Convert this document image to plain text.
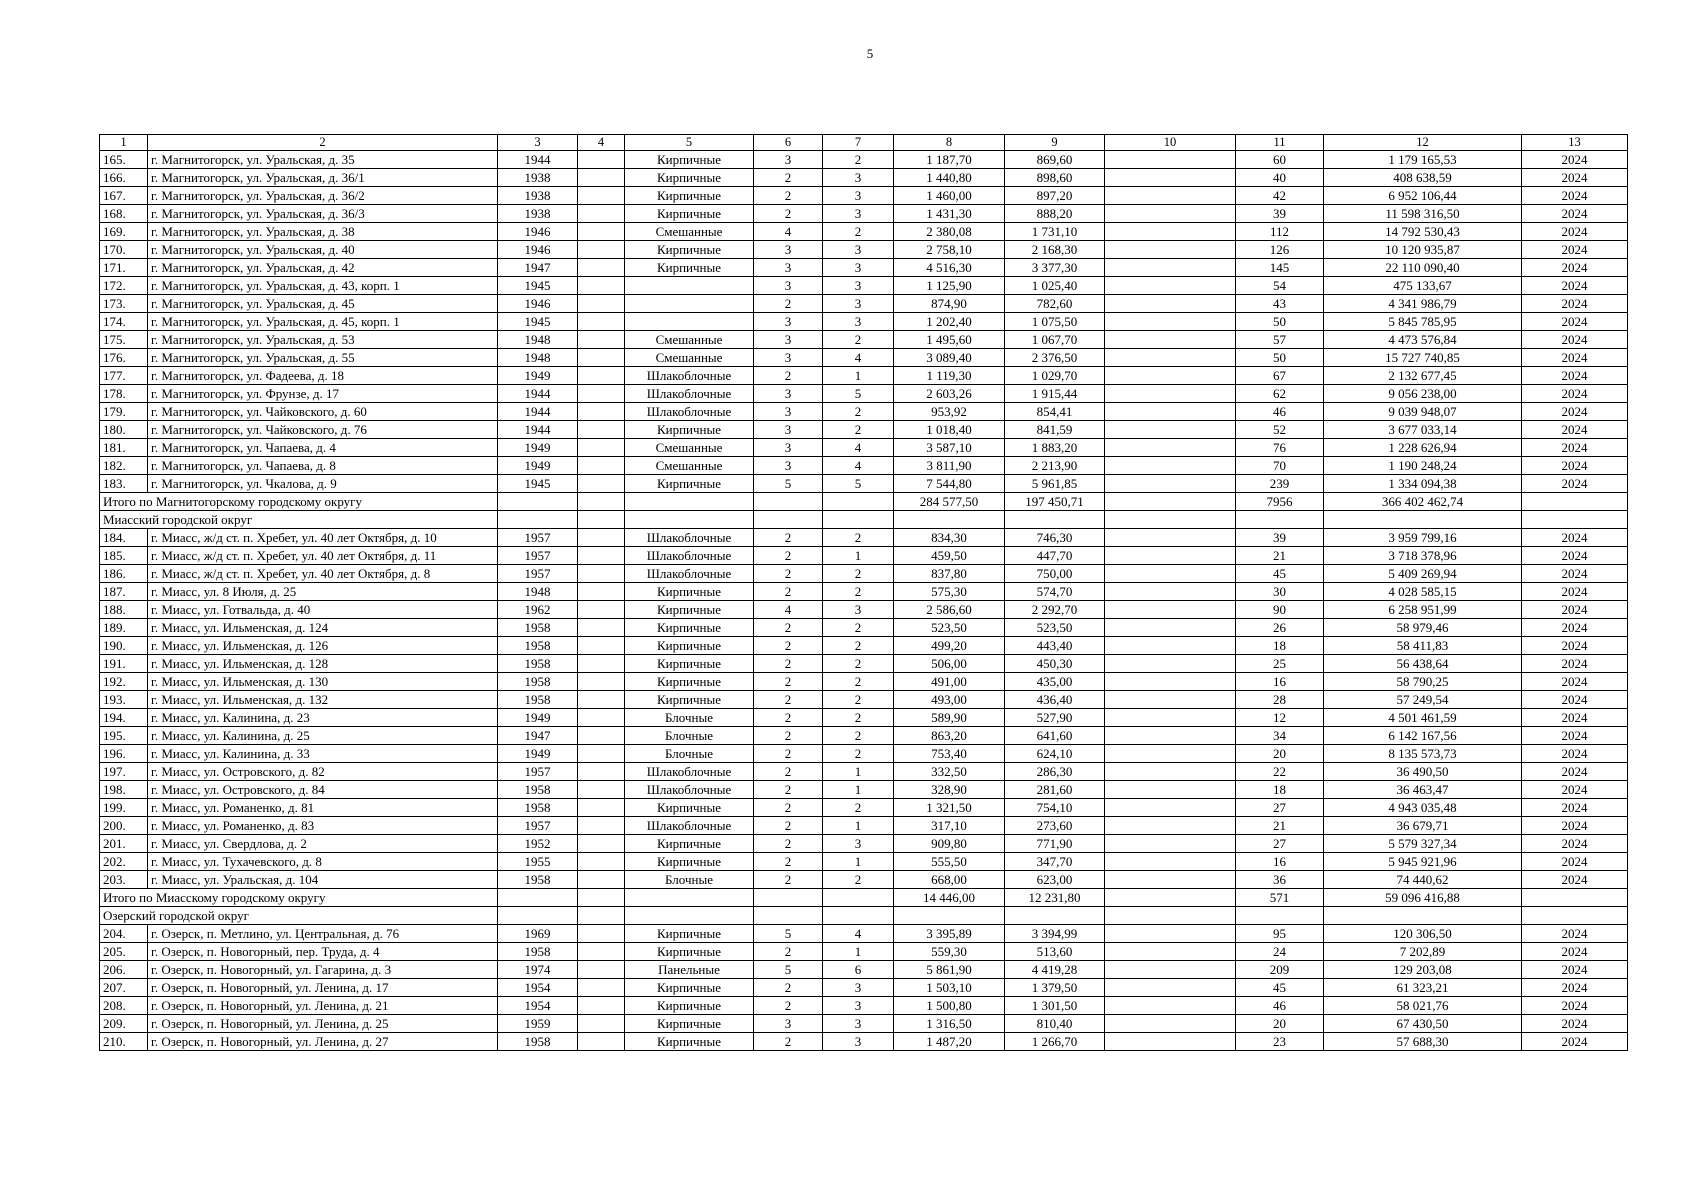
5
1	2	3	4	5	6	7	8	9	10	11	12	13
165.	г. Магнитогорск, ул. Уральская, д. 35	1944		Кирпичные	3	2	1 187,70	869,60		60	1 179 165,53	2024
166.	г. Магнитогорск, ул. Уральская, д. 36/1	1938		Кирпичные	2	3	1 440,80	898,60		40	408 638,59	2024
167.	г. Магнитогорск, ул. Уральская, д. 36/2	1938		Кирпичные	2	3	1 460,00	897,20		42	6 952 106,44	2024
168.	г. Магнитогорск, ул. Уральская, д. 36/3	1938		Кирпичные	2	3	1 431,30	888,20		39	11 598 316,50	2024
169.	г. Магнитогорск, ул. Уральская, д. 38	1946		Смешанные	4	2	2 380,08	1 731,10		112	14 792 530,43	2024
170.	г. Магнитогорск, ул. Уральская, д. 40	1946		Кирпичные	3	3	2 758,10	2 168,30		126	10 120 935,87	2024
171.	г. Магнитогорск, ул. Уральская, д. 42	1947		Кирпичные	3	3	4 516,30	3 377,30		145	22 110 090,40	2024
172.	г. Магнитогорск, ул. Уральская, д. 43, корп. 1	1945			3	3	1 125,90	1 025,40		54	475 133,67	2024
173.	г. Магнитогорск, ул. Уральская, д. 45	1946			2	3	874,90	782,60		43	4 341 986,79	2024
174.	г. Магнитогорск, ул. Уральская, д. 45, корп. 1	1945			3	3	1 202,40	1 075,50		50	5 845 785,95	2024
175.	г. Магнитогорск, ул. Уральская, д. 53	1948		Смешанные	3	2	1 495,60	1 067,70		57	4 473 576,84	2024
176.	г. Магнитогорск, ул. Уральская, д. 55	1948		Смешанные	3	4	3 089,40	2 376,50		50	15 727 740,85	2024
177.	г. Магнитогорск, ул. Фадеева, д. 18	1949		Шлакоблочные	2	1	1 119,30	1 029,70		67	2 132 677,45	2024
178.	г. Магнитогорск, ул. Фрунзе, д. 17	1944		Шлакоблочные	3	5	2 603,26	1 915,44		62	9 056 238,00	2024
179.	г. Магнитогорск, ул. Чайковского, д. 60	1944		Шлакоблочные	3	2	953,92	854,41		46	9 039 948,07	2024
180.	г. Магнитогорск, ул. Чайковского, д. 76	1944		Кирпичные	3	2	1 018,40	841,59		52	3 677 033,14	2024
181.	г. Магнитогорск, ул. Чапаева, д. 4	1949		Смешанные	3	4	3 587,10	1 883,20		76	1 228 626,94	2024
182.	г. Магнитогорск, ул. Чапаева, д. 8	1949		Смешанные	3	4	3 811,90	2 213,90		70	1 190 248,24	2024
183.	г. Магнитогорск, ул. Чкалова, д. 9	1945		Кирпичные	5	5	7 544,80	5 961,85		239	1 334 094,38	2024
Итого по Магнитогорскому городскому округу							284 577,50	197 450,71		7956	366 402 462,74	
Миасский городской округ												
184.	г. Миасс, ж/д ст. п. Хребет, ул. 40 лет Октября, д. 10	1957		Шлакоблочные	2	2	834,30	746,30		39	3 959 799,16	2024
185.	г. Миасс, ж/д ст. п. Хребет, ул. 40 лет Октября, д. 11	1957		Шлакоблочные	2	1	459,50	447,70		21	3 718 378,96	2024
186.	г. Миасс, ж/д ст. п. Хребет, ул. 40 лет Октября, д. 8	1957		Шлакоблочные	2	2	837,80	750,00		45	5 409 269,94	2024
187.	г. Миасс, ул. 8 Июля, д. 25	1948		Кирпичные	2	2	575,30	574,70		30	4 028 585,15	2024
188.	г. Миасс, ул. Готвальда, д. 40	1962		Кирпичные	4	3	2 586,60	2 292,70		90	6 258 951,99	2024
189.	г. Миасс, ул. Ильменская, д. 124	1958		Кирпичные	2	2	523,50	523,50		26	58 979,46	2024
190.	г. Миасс, ул. Ильменская, д. 126	1958		Кирпичные	2	2	499,20	443,40		18	58 411,83	2024
191.	г. Миасс, ул. Ильменская, д. 128	1958		Кирпичные	2	2	506,00	450,30		25	56 438,64	2024
192.	г. Миасс, ул. Ильменская, д. 130	1958		Кирпичные	2	2	491,00	435,00		16	58 790,25	2024
193.	г. Миасс, ул. Ильменская, д. 132	1958		Кирпичные	2	2	493,00	436,40		28	57 249,54	2024
194.	г. Миасс, ул. Калинина, д. 23	1949		Блочные	2	2	589,90	527,90		12	4 501 461,59	2024
195.	г. Миасс, ул. Калинина, д. 25	1947		Блочные	2	2	863,20	641,60		34	6 142 167,56	2024
196.	г. Миасс, ул. Калинина, д. 33	1949		Блочные	2	2	753,40	624,10		20	8 135 573,73	2024
197.	г. Миасс, ул. Островского, д. 82	1957		Шлакоблочные	2	1	332,50	286,30		22	36 490,50	2024
198.	г. Миасс, ул. Островского, д. 84	1958		Шлакоблочные	2	1	328,90	281,60		18	36 463,47	2024
199.	г. Миасс, ул. Романенко, д. 81	1958		Кирпичные	2	2	1 321,50	754,10		27	4 943 035,48	2024
200.	г. Миасс, ул. Романенко, д. 83	1957		Шлакоблочные	2	1	317,10	273,60		21	36 679,71	2024
201.	г. Миасс, ул. Свердлова, д. 2	1952		Кирпичные	2	3	909,80	771,90		27	5 579 327,34	2024
202.	г. Миасс, ул. Тухачевского, д. 8	1955		Кирпичные	2	1	555,50	347,70		16	5 945 921,96	2024
203.	г. Миасс, ул. Уральская, д. 104	1958		Блочные	2	2	668,00	623,00		36	74 440,62	2024
Итого по Миасскому городскому округу							14 446,00	12 231,80		571	59 096 416,88	
Озерский городской округ												
204.	г. Озерск, п. Метлино, ул. Центральная, д. 76	1969		Кирпичные	5	4	3 395,89	3 394,99		95	120 306,50	2024
205.	г. Озерск, п. Новогорный, пер. Труда, д. 4	1958		Кирпичные	2	1	559,30	513,60		24	7 202,89	2024
206.	г. Озерск, п. Новогорный, ул. Гагарина, д. 3	1974		Панельные	5	6	5 861,90	4 419,28		209	129 203,08	2024
207.	г. Озерск, п. Новогорный, ул. Ленина, д. 17	1954		Кирпичные	2	3	1 503,10	1 379,50		45	61 323,21	2024
208.	г. Озерск, п. Новогорный, ул. Ленина, д. 21	1954		Кирпичные	2	3	1 500,80	1 301,50		46	58 021,76	2024
209.	г. Озерск, п. Новогорный, ул. Ленина, д. 25	1959		Кирпичные	3	3	1 316,50	810,40		20	67 430,50	2024
210.	г. Озерск, п. Новогорный, ул. Ленина, д. 27	1958		Кирпичные	2	3	1 487,20	1 266,70		23	57 688,30	2024
